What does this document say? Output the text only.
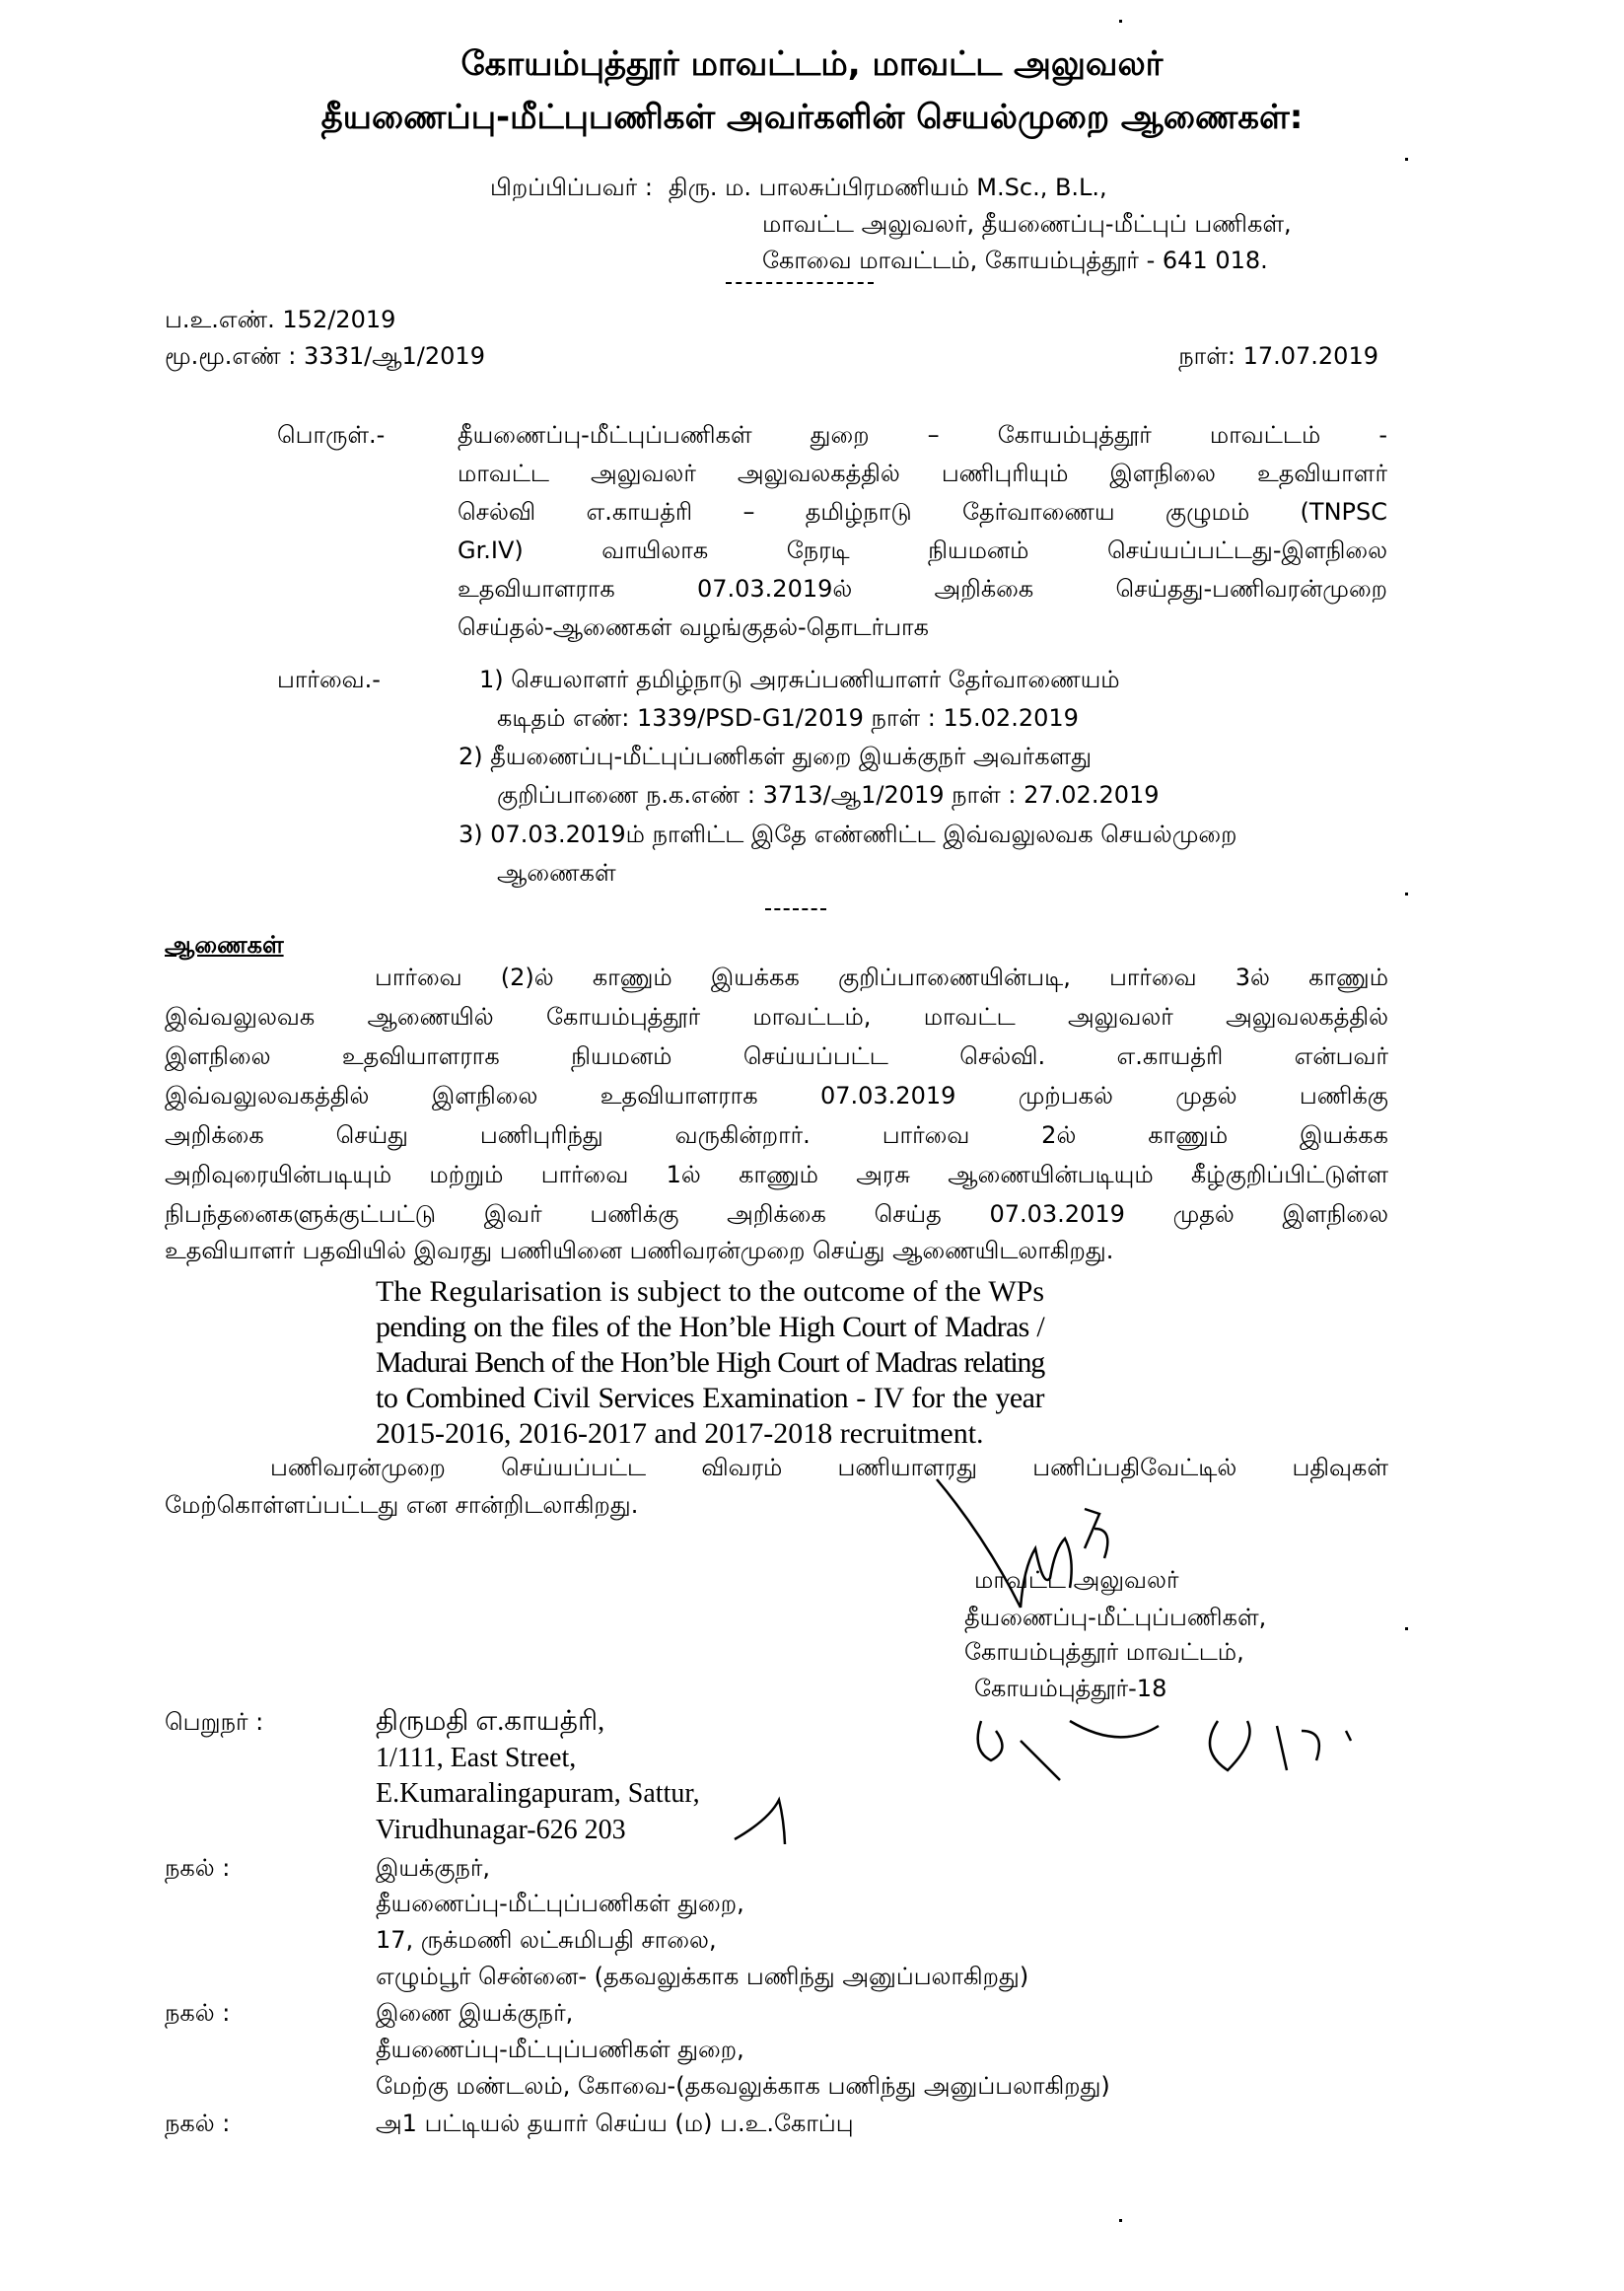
கோயம்புத்தூர் மாவட்டம், மாவட்ட அலுவலர்
தீயணைப்பு-மீட்புபணிகள் அவர்களின் செயல்முறை ஆணைகள்:
பிறப்பிப்பவர் : திரு. ம. பாலசுப்பிரமணியம் M.Sc., B.L.,
மாவட்ட அலுவலர், தீயணைப்பு-மீட்புப் பணிகள்,
கோவை மாவட்டம், கோயம்புத்தூர் - 641 018.
ப.உ.எண். 152/2019
மூ.மூ.எண் : 3331/ஆ1/2019	நாள்: 17.07.2019
பொருள்.-	தீயணைப்பு-மீட்புப்பணிகள் துறை – கோயம்புத்தூர் மாவட்டம் -
மாவட்ட அலுவலர் அலுவலகத்தில் பணிபுரியும் இளநிலை உதவியாளர்
செல்வி எ.காயத்ரி – தமிழ்நாடு தேர்வாணைய குழுமம் (TNPSC
Gr.IV) வாயிலாக நேரடி நியமனம் செய்யப்பட்டது-இளநிலை
உதவியாளராக 07.03.2019ல் அறிக்கை செய்தது-பணிவரன்முறை
செய்தல்-ஆணைகள் வழங்குதல்-தொடர்பாக
பார்வை.-	1) செயலாளர் தமிழ்நாடு அரசுப்பணியாளர் தேர்வாணையம்
கடிதம் எண்: 1339/PSD-G1/2019 நாள் : 15.02.2019
2) தீயணைப்பு-மீட்புப்பணிகள் துறை இயக்குநர் அவர்களது
குறிப்பாணை ந.க.எண் : 3713/ஆ1/2019 நாள் : 27.02.2019
3) 07.03.2019ம் நாளிட்ட இதே எண்ணிட்ட இவ்வலுலவக செயல்முறை
ஆணைகள்
ஆணைகள்
பார்வை (2)ல் காணும் இயக்கக குறிப்பாணையின்படி, பார்வை 3ல் காணும்
இவ்வலுலவக ஆணையில் கோயம்புத்தூர் மாவட்டம், மாவட்ட அலுவலர் அலுவலகத்தில்
இளநிலை உதவியாளராக நியமனம் செய்யப்பட்ட செல்வி. எ.காயத்ரி என்பவர்
இவ்வலுலவகத்தில் இளநிலை உதவியாளராக 07.03.2019 முற்பகல் முதல் பணிக்கு
அறிக்கை செய்து பணிபுரிந்து வருகின்றார். பார்வை 2ல் காணும் இயக்கக
அறிவுரையின்படியும் மற்றும் பார்வை 1ல் காணும் அரசு ஆணையின்படியும் கீழ்குறிப்பிட்டுள்ள
நிபந்தனைகளுக்குட்பட்டு இவர் பணிக்கு அறிக்கை செய்த 07.03.2019 முதல் இளநிலை
உதவியாளர் பதவியில் இவரது பணியினை பணிவரன்முறை செய்து ஆணையிடலாகிறது.
The Regularisation is subject to the outcome of the WPs
pending on the files of the Hon’ble High Court of Madras /
Madurai Bench of the Hon’ble High Court of Madras relating
to Combined Civil Services Examination - IV for the year
2015-2016, 2016-2017 and 2017-2018 recruitment.
பணிவரன்முறை செய்யப்பட்ட விவரம் பணியாளரது பணிப்பதிவேட்டில் பதிவுகள்
மேற்கொள்ளப்பட்டது என சான்றிடலாகிறது.
மாவட்ட அலுவலர்
தீயணைப்பு-மீட்புப்பணிகள்,
கோயம்புத்தூர் மாவட்டம்,
கோயம்புத்தூர்-18
பெறுநர் :	திருமதி எ.காயத்ரி,
1/111, East Street,
E.Kumaralingapuram, Sattur,
Virudhunagar-626 203
நகல் :	இயக்குநர்,
தீயணைப்பு-மீட்புப்பணிகள் துறை,
17, ருக்மணி லட்சுமிபதி சாலை,
எழும்பூர் சென்னை- (தகவலுக்காக பணிந்து அனுப்பலாகிறது)
நகல் :	இணை இயக்குநர்,
தீயணைப்பு-மீட்புப்பணிகள் துறை,
மேற்கு மண்டலம், கோவை-(தகவலுக்காக பணிந்து அனுப்பலாகிறது)
நகல் :	அ1 பட்டியல் தயார் செய்ய (ம) ப.உ.கோப்பு
